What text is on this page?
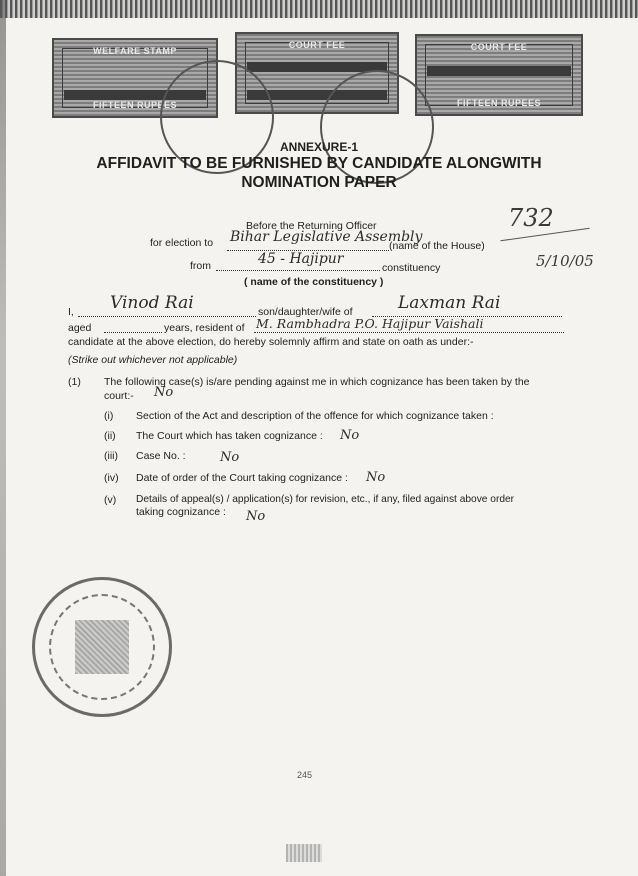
WELFARE STAMP
FIFTEEN RUPEES
COURT FEE	COURT FEE
FIFTEEN RUPEES
ANNEXURE-1
AFFIDAVIT TO BE FURNISHED BY CANDIDATE ALONGWITH
NOMINATION PAPER
732
5/10/05
Before the Returning Officer
for election to Bihar Legislative Assembly
(name of the House)
from	45 - Hajipur
constituency
( name of the constituency )
I, Vinod Rai	son/daughter/wife of	Laxman Rai
aged	years, resident of M. Rambhadra P.O. Hajipur Vaishali
candidate at the above election, do hereby solemnly affirm and state on oath as under:-
(Strike out whichever not applicable)
(1) The following case(s) is/are pending against me in which cognizance has been taken by the
court:- No
(i) Section of the Act and description of the offence for which cognizance taken :
(ii) The Court which has taken cognizance : No
(iii) Case No. :	No
(iv) Date of order of the Court taking cognizance : No
(v) Details of appeal(s) / application(s) for revision, etc., if any, filed against above order
taking cognizance : No
245
